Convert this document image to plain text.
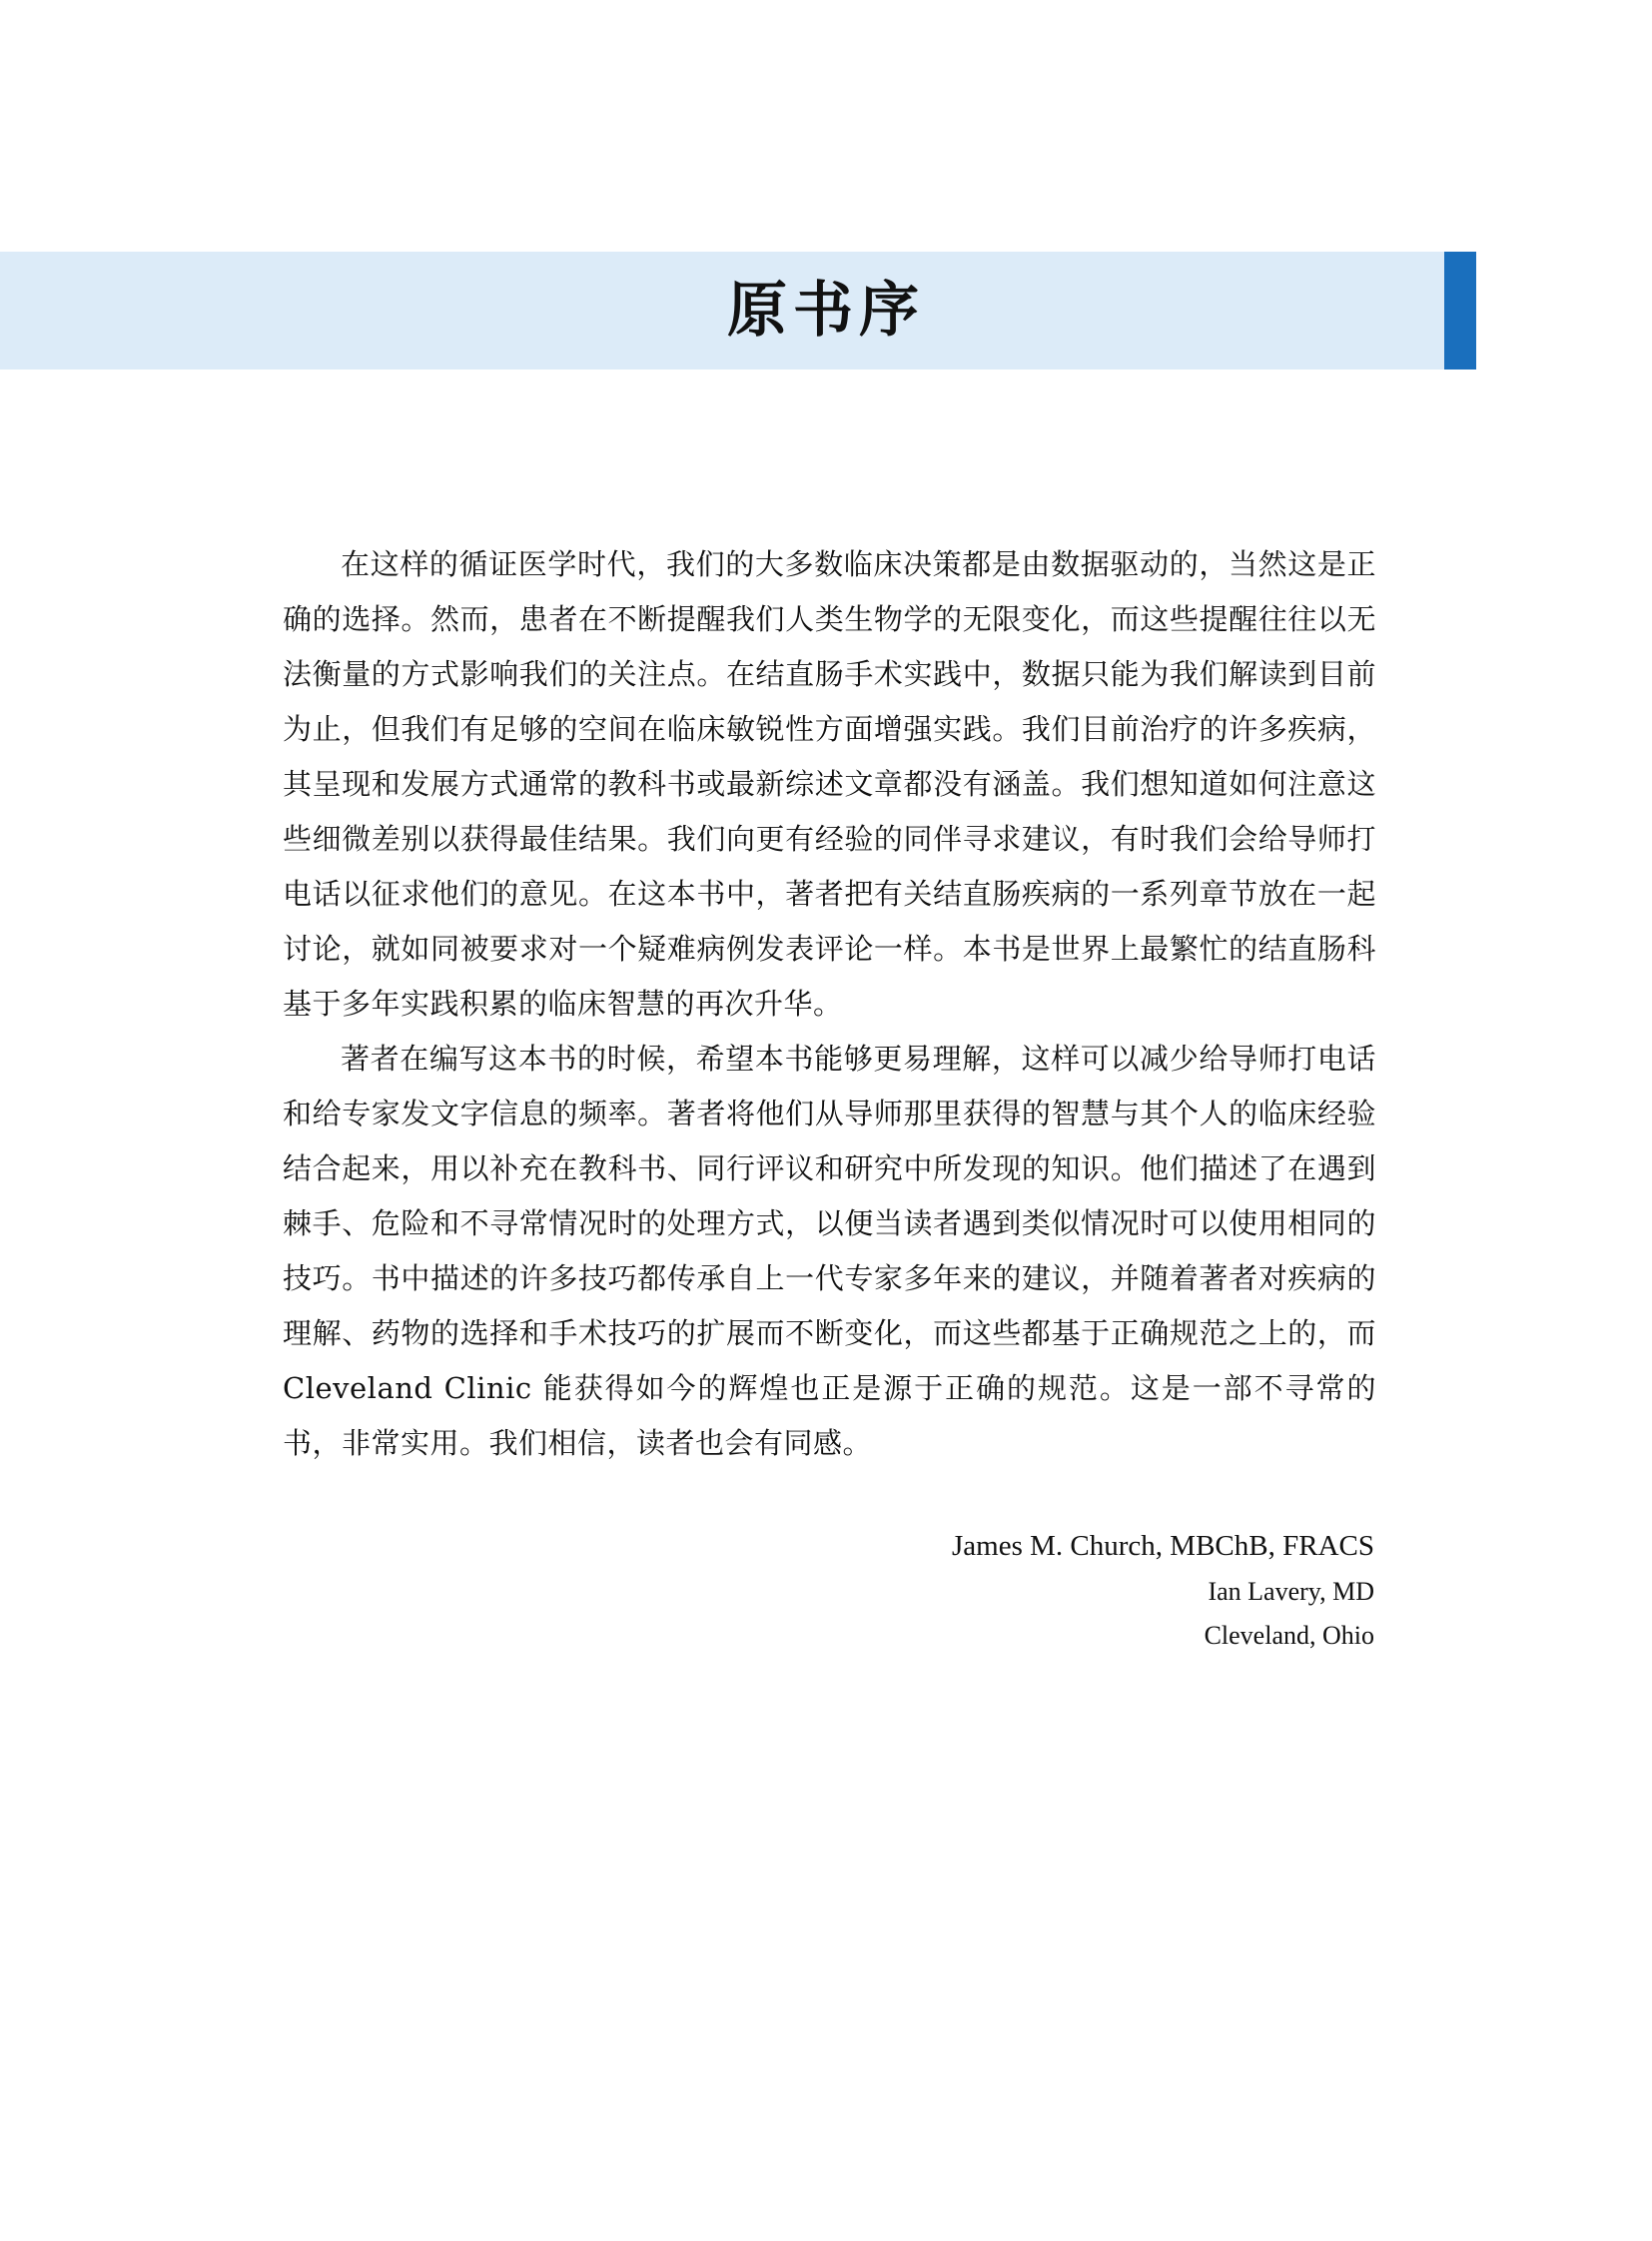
原书序

在这样的循证医学时代，我们的大多数临床决策都是由数据驱动的，当然这是正确的选择。然而，患者在不断提醒我们人类生物学的无限变化，而这些提醒往往以无法衡量的方式影响我们的关注点。在结直肠手术实践中，数据只能为我们解读到目前为止，但我们有足够的空间在临床敏锐性方面增强实践。我们目前治疗的许多疾病，其呈现和发展方式通常的教科书或最新综述文章都没有涵盖。我们想知道如何注意这些细微差别以获得最佳结果。我们向更有经验的同伴寻求建议，有时我们会给导师打电话以征求他们的意见。在这本书中，著者把有关结直肠疾病的一系列章节放在一起讨论，就如同被要求对一个疑难病例发表评论一样。本书是世界上最繁忙的结直肠科基于多年实践积累的临床智慧的再次升华。

著者在编写这本书的时候，希望本书能够更易理解，这样可以减少给导师打电话和给专家发文字信息的频率。著者将他们从导师那里获得的智慧与其个人的临床经验结合起来，用以补充在教科书、同行评议和研究中所发现的知识。他们描述了在遇到棘手、危险和不寻常情况时的处理方式，以便当读者遇到类似情况时可以使用相同的技巧。书中描述的许多技巧都传承自上一代专家多年来的建议，并随着著者对疾病的理解、药物的选择和手术技巧的扩展而不断变化，而这些都基于正确规范之上的，而 Cleveland Clinic 能获得如今的辉煌也正是源于正确的规范。这是一部不寻常的书，非常实用。我们相信，读者也会有同感。

James M. Church, MBChB, FRACS
Ian Lavery, MD
Cleveland, Ohio
